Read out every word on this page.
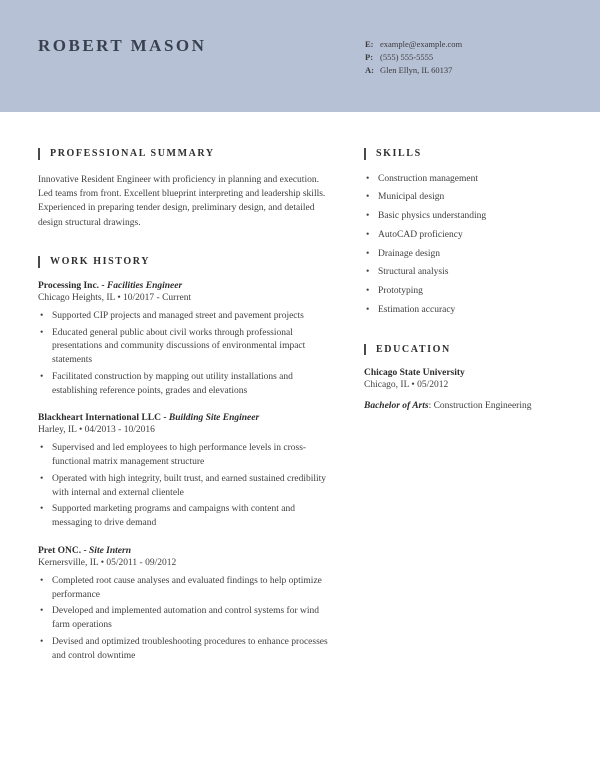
ROBERT MASON	E: example@example.com
P: (555) 555-5555
A: Glen Ellyn, IL 60137
PROFESSIONAL SUMMARY

Innovative Resident Engineer with proficiency in planning and execution. Led teams from front. Excellent blueprint interpreting and leadership skills. Experienced in preparing tender design, preliminary design, and detailed design structural drawings.

WORK HISTORY

Processing Inc. - Facilities Engineer

Chicago Heights, IL • 10/2017 - Current

• Supported CIP projects and managed street and pavement projects
• Educated general public about civil works through professional presentations and community discussions of environmental impact statements
• Facilitated construction by mapping out utility installations and establishing reference points, grades and elevations

Blackheart International LLC - Building Site Engineer

Harley, IL • 04/2013 - 10/2016

• Supervised and led employees to high performance levels in cross-functional matrix management structure
• Operated with high integrity, built trust, and earned sustained credibility with internal and external clientele
• Supported marketing programs and campaigns with content and messaging to drive demand

Pret ONC. - Site Intern

Kernersville, IL • 05/2011 - 09/2012

• Completed root cause analyses and evaluated findings to help optimize performance
• Developed and implemented automation and control systems for wind farm operations
• Devised and optimized troubleshooting procedures to enhance processes and control downtime
SKILLS
• Construction management
• Municipal design
• Basic physics understanding
• AutoCAD proficiency
• Drainage design
• Structural analysis
• Prototyping
• Estimation accuracy
EDUCATION

Chicago State University

Chicago, IL • 05/2012

Bachelor of Arts: Construction Engineering
